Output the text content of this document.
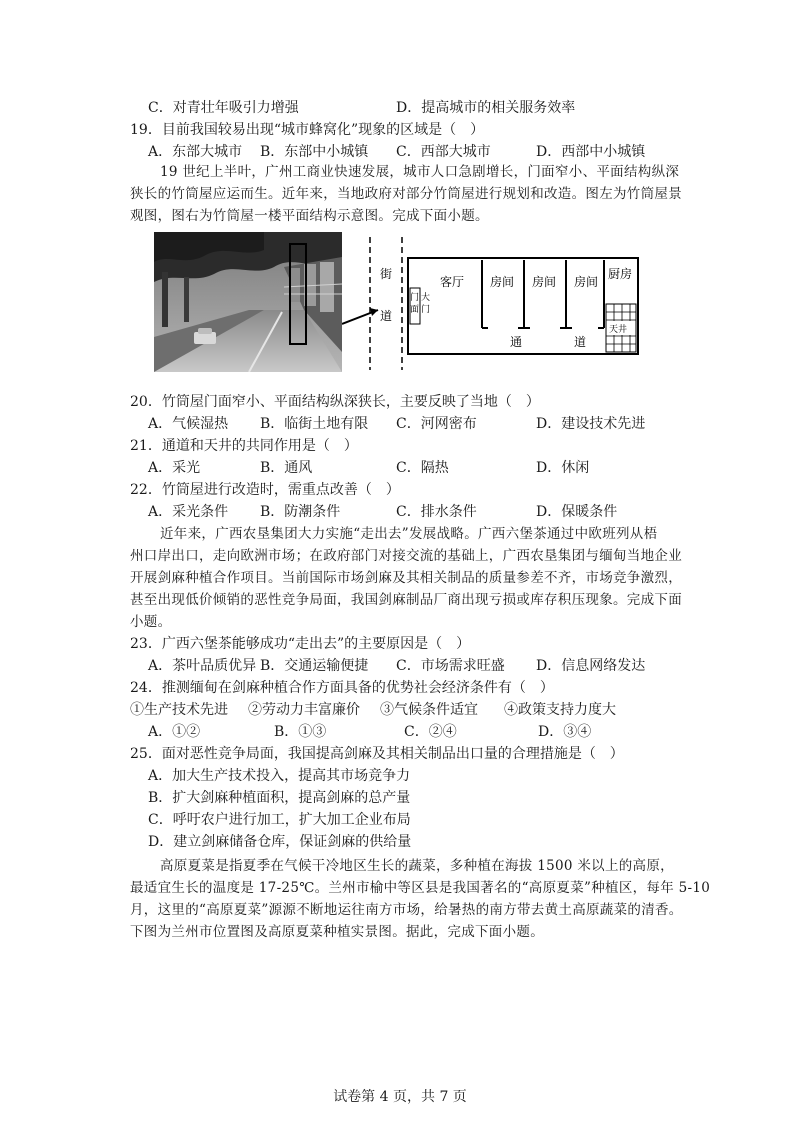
C．对青壮年吸引力增强	D．提高城市的相关服务效率
19．目前我国较易出现“城市蜂窝化”现象的区域是（　）
A．东部大城市 B．东部中小城镇 C．西部大城市	D．西部中小城镇
19 世纪上半叶，广州工商业快速发展，城市人口急剧增长，门面窄小、平面结构纵深
狭长的竹筒屋应运而生。近年来，当地政府对部分竹筒屋进行规划和改造。图左为竹筒屋景
观图，图右为竹筒屋一楼平面结构示意图。完成下面小题。
街
道
门
面
大
门
客厅 房间 房间 房间
厨房
天井
通	道
20．竹筒屋门面窄小、平面结构纵深狭长，主要反映了当地（　）
A．气候湿热 B．临街土地有限 C．河网密布	D．建设技术先进
21．通道和天井的共同作用是（　）
A．采光	B．通风	C．隔热	D．休闲
22．竹筒屋进行改造时，需重点改善（　）
A．采光条件 B．防潮条件	C．排水条件	D．保暖条件
近年来，广西农垦集团大力实施“走出去”发展战略。广西六堡茶通过中欧班列从梧
州口岸出口，走向欧洲市场；在政府部门对接交流的基础上，广西农垦集团与缅甸当地企业
开展剑麻种植合作项目。当前国际市场剑麻及其相关制品的质量参差不齐，市场竞争激烈，
甚至出现低价倾销的恶性竞争局面，我国剑麻制品厂商出现亏损或库存积压现象。完成下面
小题。
23．广西六堡茶能够成功“走出去”的主要原因是（　）
A．茶叶品质优异 B．交通运输便捷 C．市场需求旺盛 D．信息网络发达
24．推测缅甸在剑麻种植合作方面具备的优势社会经济条件有（　）
①生产技术先进 ②劳动力丰富廉价 ③气候条件适宜 ④政策支持力度大
A．①②	B．①③	C．②④	D．③④
25．面对恶性竞争局面，我国提高剑麻及其相关制品出口量的合理措施是（　）
A．加大生产技术投入，提高其市场竞争力
B．扩大剑麻种植面积，提高剑麻的总产量
C．呼吁农户进行加工，扩大加工企业布局
D．建立剑麻储备仓库，保证剑麻的供给量
高原夏菜是指夏季在气候干冷地区生长的蔬菜，多种植在海拔 1500 米以上的高原，
最适宜生长的温度是 17-25℃。兰州市榆中等区县是我国著名的“高原夏菜”种植区，每年 5-10
月，这里的“高原夏菜”源源不断地运往南方市场，给暑热的南方带去黄土高原蔬菜的清香。
下图为兰州市位置图及高原夏菜种植实景图。据此，完成下面小题。
试卷第 4 页，共 7 页
